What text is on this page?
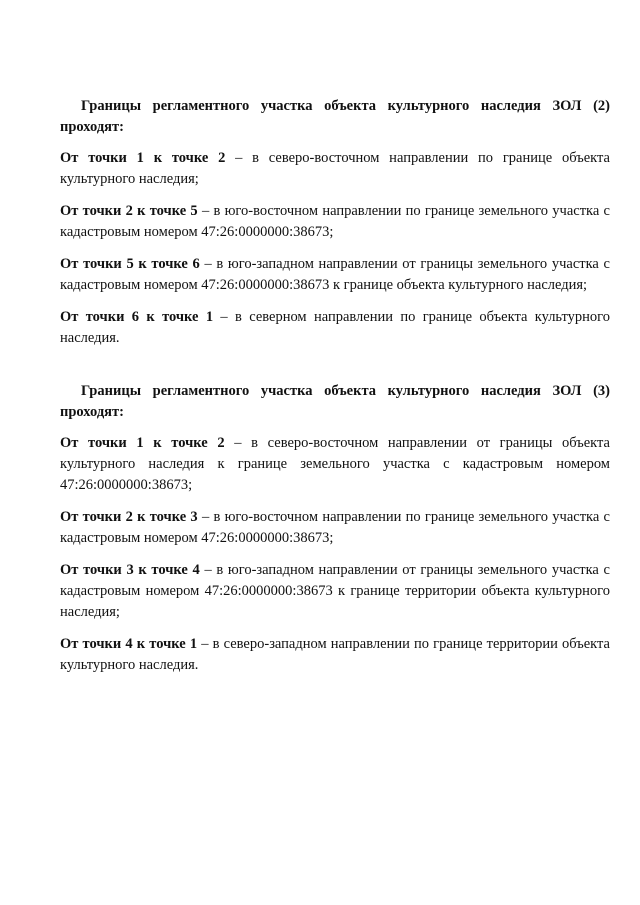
Границы регламентного участка объекта культурного наследия ЗОЛ (2) проходят:

От точки 1 к точке 2 – в северо-восточном направлении по границе объекта культурного наследия;

От точки 2 к точке 5 – в юго-восточном направлении по границе земельного участка с кадастровым номером 47:26:0000000:38673;

От точки 5 к точке 6 – в юго-западном направлении от границы земельного участка с кадастровым номером 47:26:0000000:38673 к границе объекта культурного наследия;

От точки 6 к точке 1 – в северном направлении по границе объекта культурного наследия.

Границы регламентного участка объекта культурного наследия ЗОЛ (3) проходят:

От точки 1 к точке 2 – в северо-восточном направлении от границы объекта культурного наследия к границе земельного участка с кадастровым номером 47:26:0000000:38673;

От точки 2 к точке 3 – в юго-восточном направлении по границе земельного участка с кадастровым номером 47:26:0000000:38673;

От точки 3 к точке 4 – в юго-западном направлении от границы земельного участка с кадастровым номером 47:26:0000000:38673 к границе территории объекта культурного наследия;

От точки 4 к точке 1 – в северо-западном направлении по границе территории объекта культурного наследия.
